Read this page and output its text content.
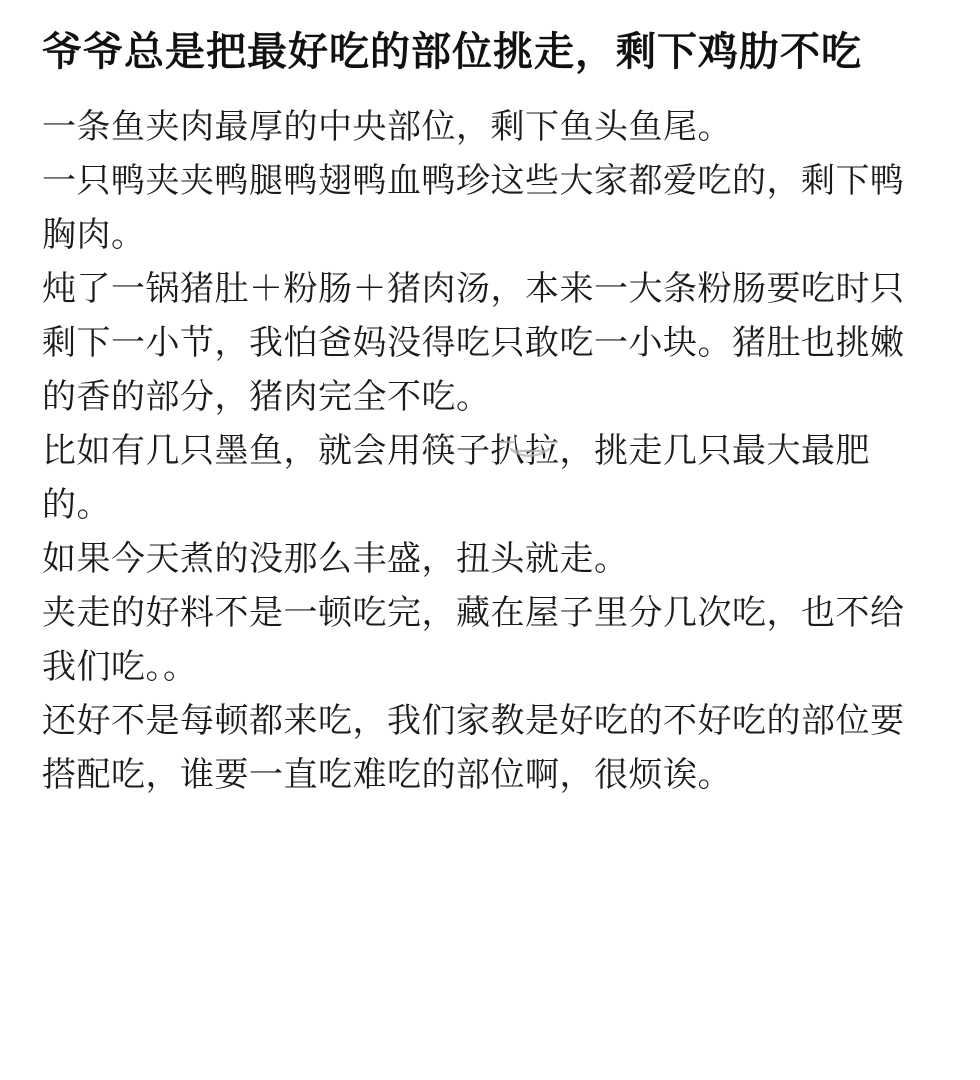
爷爷总是把最好吃的部位挑走，剩下鸡肋不吃

一条鱼夹肉最厚的中央部位，剩下鱼头鱼尾。

一只鸭夹夹鸭腿鸭翅鸭血鸭珍这些大家都爱吃的，剩下鸭胸肉。

炖了一锅猪肚＋粉肠＋猪肉汤，本来一大条粉肠要吃时只剩下一小节，我怕爸妈没得吃只敢吃一小块。猪肚也挑嫩的香的部分，猪肉完全不吃。

比如有几只墨鱼，就会用筷子扒拉，挑走几只最大最肥的。

如果今天煮的没那么丰盛，扭头就走。

夹走的好料不是一顿吃完，藏在屋子里分几次吃，也不给我们吃。。

还好不是每顿都来吃，我们家教是好吃的不好吃的部位要搭配吃，谁要一直吃难吃的部位啊，很烦诶。
